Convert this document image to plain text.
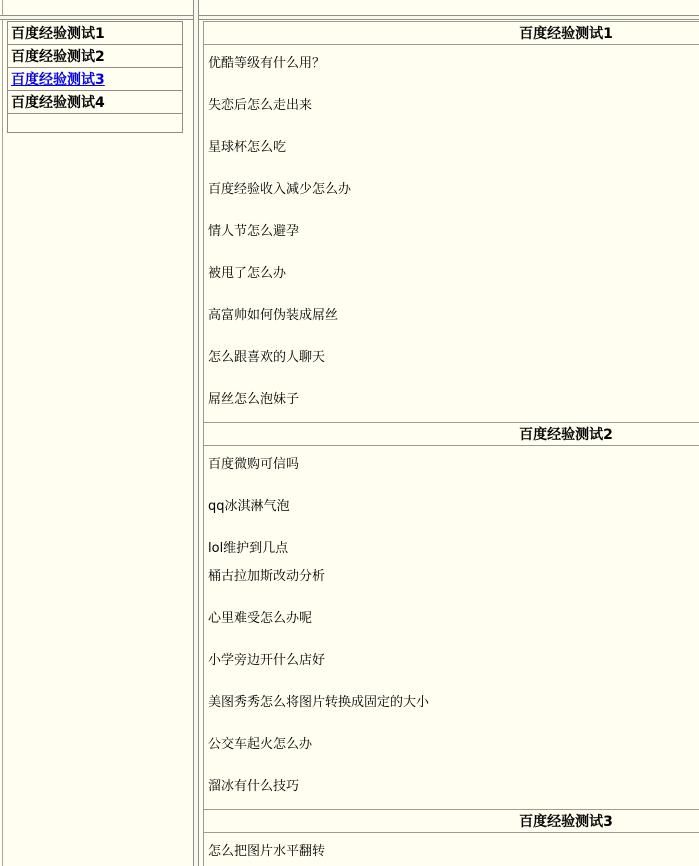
百度经验测试1
百度经验测试2
百度经验测试3
百度经验测试4

百度经验测试1

优酷等级有什么用？

失恋后怎么走出来

星球杯怎么吃

百度经验收入减少怎么办

情人节怎么避孕

被甩了怎么办

高富帅如何伪装成屌丝

怎么跟喜欢的人聊天

屌丝怎么泡妹子

百度经验测试2

百度微购可信吗

qq冰淇淋气泡

lol维护到几点

桶古拉加斯改动分析

心里难受怎么办呢

小学旁边开什么店好

美图秀秀怎么将图片转换成固定的大小

公交车起火怎么办

溜冰有什么技巧

百度经验测试3

怎么把图片水平翻转
